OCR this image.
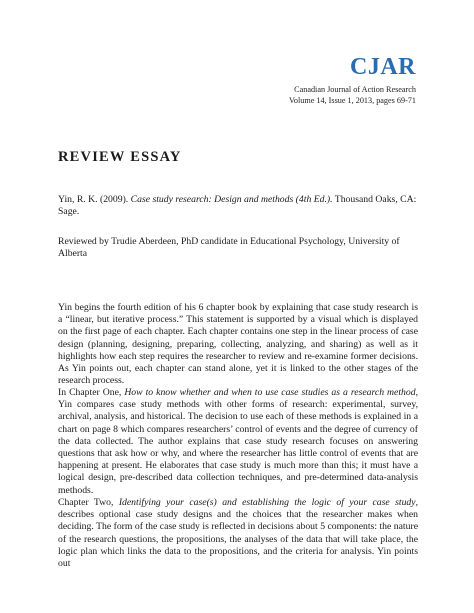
CJAR
Canadian Journal of Action Research
Volume 14, Issue 1, 2013, pages 69-71
REVIEW ESSAY

Yin, R. K. (2009). Case study research: Design and methods (4th Ed.). Thousand Oaks, CA: Sage.

Reviewed by Trudie Aberdeen, PhD candidate in Educational Psychology, University of Alberta

Yin begins the fourth edition of his 6 chapter book by explaining that case study research is a “linear, but iterative process.” This statement is supported by a visual which is displayed on the first page of each chapter. Each chapter contains one step in the linear process of case design (planning, designing, preparing, collecting, analyzing, and sharing) as well as it highlights how each step requires the researcher to review and re-examine former decisions. As Yin points out, each chapter can stand alone, yet it is linked to the other stages of the research process.

In Chapter One, How to know whether and when to use case studies as a research method, Yin compares case study methods with other forms of research: experimental, survey, archival, analysis, and historical. The decision to use each of these methods is explained in a chart on page 8 which compares researchers’ control of events and the degree of currency of the data collected. The author explains that case study research focuses on answering questions that ask how or why, and where the researcher has little control of events that are happening at present. He elaborates that case study is much more than this; it must have a logical design, pre-described data collection techniques, and pre-determined data-analysis methods.

Chapter Two, Identifying your case(s) and establishing the logic of your case study, describes optional case study designs and the choices that the researcher makes when deciding. The form of the case study is reflected in decisions about 5 components: the nature of the research questions, the propositions, the analyses of the data that will take place, the logic plan which links the data to the propositions, and the criteria for analysis. Yin points out
